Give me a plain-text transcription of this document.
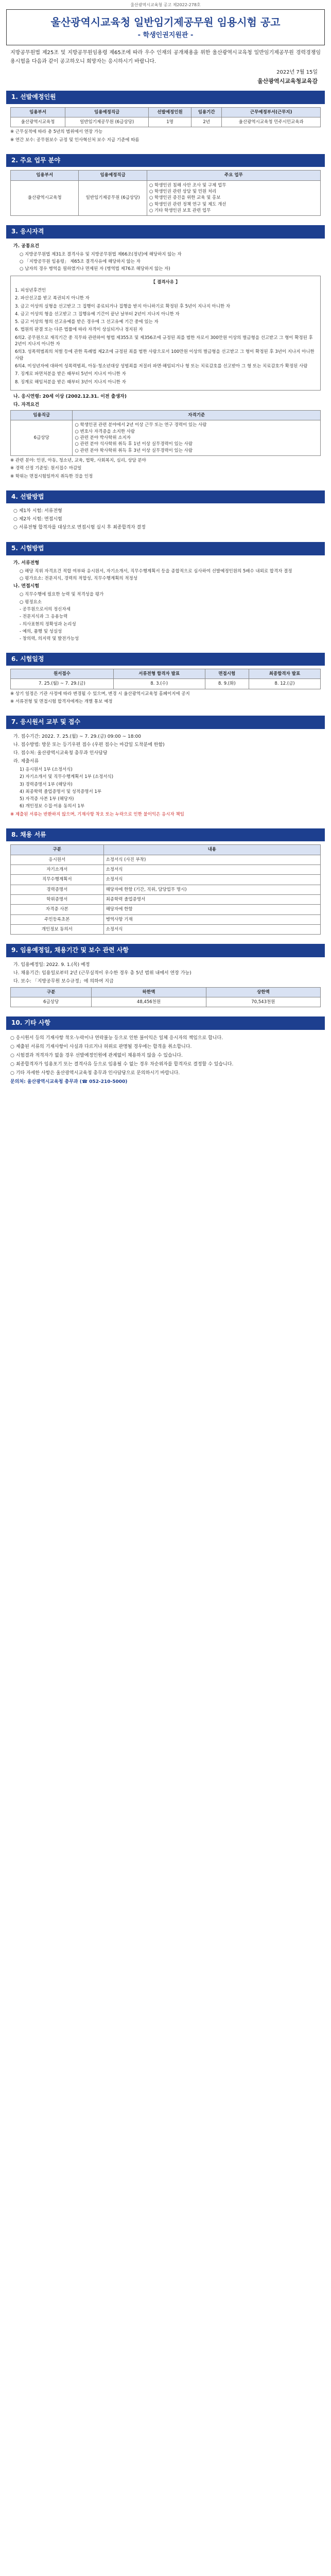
울산광역시교육청 공고 제2022-278호
울산광역시교육청 일반임기제공무원 임용시험 공고
- 학생인권지원관 -
지방공무원법 제25조 및 지방공무원임용령 제65조에 따라 우수 인재의 공개채용을 위한 울산광역시교육청 일반임기제공무원 경력경쟁임용시험을 다음과 같이 공고하오니 희망자는 응시하시기 바랍니다.
2022년 7월 15일
울산광역시교육청교육감
1. 선발예정인원
임용부서	임용예정직급	선발예정인원	임용기간	근무예정부서(근무지)
울산광역시교육청	일반임기제공무원 (6급상당)	1명	2년	울산광역시교육청 민주시민교육과
※ 근무실적에 따라 총 5년의 범위에서 연장 가능
※ 연간 보수: 공무원보수 규정 및 인사혁신처 보수 지급 기준에 따름
2. 주요 업무 분야
임용부서	임용예정직급	주요 업무
울산광역시교육청	일반임기제공무원 (6급상당)	○ 학생인권 침해 사안 조사 및 구제 업무
○ 학생인권 관련 상담 및 민원 처리
○ 학생인권 증진을 위한 교육 및 홍보
○ 학생인권 관련 정책 연구 및 제도 개선
○ 기타 학생인권 보호 관련 업무
3. 응시자격
가. 공통요건
○ 지방공무원법 제31조 결격사유 및 지방공무원법 제66조(정년)에 해당하지 않는 자
○ 「지방공무원 임용령」 제65조 결격사유에 해당하지 않는 자
○ 남자의 경우 병역을 필하였거나 면제된 자 (병역법 제76조 해당하지 않는 자)
【 결격사유 】
1. 피성년후견인
2. 파산선고를 받고 복권되지 아니한 자
3. 금고 이상의 실형을 선고받고 그 집행이 종료되거나 집행을 받지 아니하기로 확정된 후 5년이 지나지 아니한 자
4. 금고 이상의 형을 선고받고 그 집행유예 기간이 끝난 날부터 2년이 지나지 아니한 자
5. 금고 이상의 형의 선고유예를 받은 경우에 그 선고유예 기간 중에 있는 자
6. 법원의 판결 또는 다른 법률에 따라 자격이 상실되거나 정지된 자
6의2. 공무원으로 재직기간 중 직무와 관련하여 형법 제355조 및 제356조에 규정된 죄를 범한 자로서 300만원 이상의 벌금형을 선고받고 그 형이 확정된 후 2년이 지나지 아니한 자
6의3. 성폭력범죄의 처벌 등에 관한 특례법 제2조에 규정된 죄를 범한 사람으로서 100만원 이상의 벌금형을 선고받고 그 형이 확정된 후 3년이 지나지 아니한 사람
6의4. 미성년자에 대하여 성폭력범죄, 아동·청소년대상 성범죄를 저질러 파면·해임되거나 형 또는 치료감호를 선고받아 그 형 또는 치료감호가 확정된 사람
7. 징계로 파면처분을 받은 때부터 5년이 지나지 아니한 자
8. 징계로 해임처분을 받은 때부터 3년이 지나지 아니한 자
나. 응시연령: 20세 이상 (2002.12.31. 이전 출생자)
다. 자격요건
임용직급	자격기준
6급상당	○ 학생인권 관련 분야에서 2년 이상 근무 또는 연구 경력이 있는 사람
○ 변호사 자격증을 소지한 사람
○ 관련 분야 박사학위 소지자
○ 관련 분야 석사학위 취득 후 1년 이상 실무경력이 있는 사람
○ 관련 분야 학사학위 취득 후 3년 이상 실무경력이 있는 사람
※ 관련 분야: 인권, 아동, 청소년, 교육, 법학, 사회복지, 심리, 상담 분야
※ 경력 산정 기준일: 원서접수 마감일
※ 학위는 면접시험일까지 취득한 것을 인정
4. 선발방법
○ 제1차 시험: 서류전형
○ 제2차 시험: 면접시험
○ 서류전형 합격자를 대상으로 면접시험 실시 후 최종합격자 결정
5. 시험방법
가. 서류전형
○ 해당 직위 자격요건 적합 여부와 응시원서, 자기소개서, 직무수행계획서 등을 종합적으로 심사하여 선발예정인원의 5배수 내외로 합격자 결정
○ 평가요소: 전문지식, 경력의 적합성, 직무수행계획의 적정성
나. 면접시험
○ 직무수행에 필요한 능력 및 적격성을 평가
○ 평정요소
- 공무원으로서의 정신자세
- 전문지식과 그 응용능력
- 의사표현의 정확성과 논리성
- 예의, 품행 및 성실성
- 창의력, 의지력 및 발전가능성
6. 시험일정
원서접수	서류전형 합격자 발표	면접시험	최종합격자 발표
7. 25.(월) ~ 7. 29.(금)	8. 3.(수)	8. 9.(화)	8. 12.(금)
※ 상기 일정은 기관 사정에 따라 변경될 수 있으며, 변경 시 울산광역시교육청 홈페이지에 공지
※ 서류전형 및 면접시험 합격자에게는 개별 통보 예정
7. 응시원서 교부 및 접수
가. 접수기간: 2022. 7. 25.(월) ~ 7. 29.(금) 09:00 ~ 18:00
나. 접수방법: 방문 또는 등기우편 접수 (우편 접수는 마감일 도착분에 한함)
다. 접수처: 울산광역시교육청 총무과 인사담당
라. 제출서류
1) 응시원서 1부 (소정서식)
2) 자기소개서 및 직무수행계획서 1부 (소정서식)
3) 경력증명서 1부 (해당자)
4) 최종학력 졸업증명서 및 성적증명서 1부
5) 자격증 사본 1부 (해당자)
6) 개인정보 수집·이용 동의서 1부
※ 제출된 서류는 반환하지 않으며, 기재사항 착오 또는 누락으로 인한 불이익은 응시자 책임
8. 채용 서류
구분	내용
응시원서	소정서식 (사진 부착)
자기소개서	소정서식
직무수행계획서	소정서식
경력증명서	해당자에 한함 (기간, 직위, 담당업무 명시)
학위증명서	최종학력 졸업증명서
자격증 사본	해당자에 한함
주민등록초본	병역사항 기재
개인정보 동의서	소정서식
9. 임용예정일, 채용기간 및 보수 관련 사항
가. 임용예정일: 2022. 9. 1.(목) 예정
나. 채용기간: 임용일로부터 2년 (근무실적이 우수한 경우 총 5년 범위 내에서 연장 가능)
다. 보수: 「지방공무원 보수규정」에 의하여 지급
구분	하한액	상한액
6급상당	48,456천원	70,543천원
10. 기타 사항
○ 응시원서 등의 기재사항 착오·누락이나 연락불능 등으로 인한 불이익은 일체 응시자의 책임으로 합니다.
○ 제출된 서류의 기재사항이 사실과 다르거나 허위로 판명될 경우에는 합격을 취소합니다.
○ 시험결과 적격자가 없을 경우 선발예정인원에 관계없이 채용하지 않을 수 있습니다.
○ 최종합격자가 임용포기 또는 결격사유 등으로 임용될 수 없는 경우 차순위자를 합격자로 결정할 수 있습니다.
○ 기타 자세한 사항은 울산광역시교육청 총무과 인사담당으로 문의하시기 바랍니다.
문의처: 울산광역시교육청 총무과 (☎ 052-210-5000)
